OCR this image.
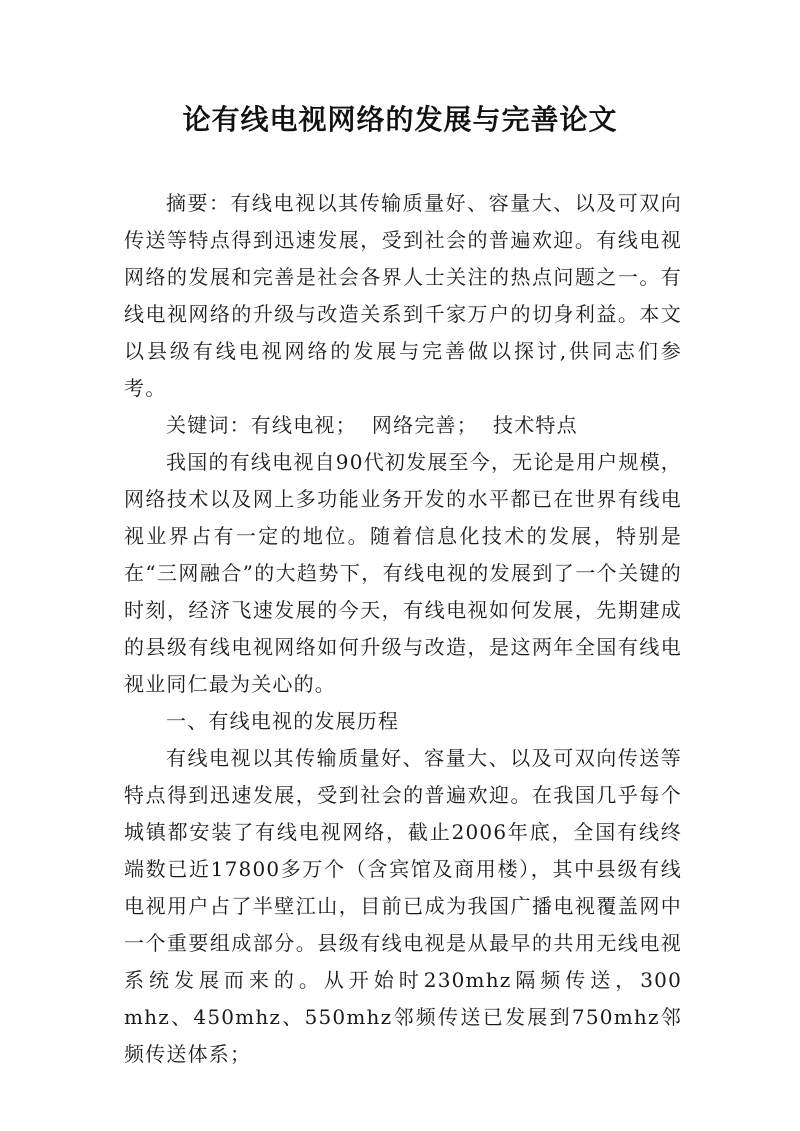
论有线电视网络的发展与完善论文

摘要：有线电视以其传输质量好、容量大、以及可双向传送等特点得到迅速发展，受到社会的普遍欢迎。有线电视网络的发展和完善是社会各界人士关注的热点问题之一。有线电视网络的升级与改造关系到千家万户的切身利益。本文以县级有线电视网络的发展与完善做以探讨,供同志们参考。

关键词：有线电视；  网络完善；  技术特点

我国的有线电视自90代初发展至今，无论是用户规模，网络技术以及网上多功能业务开发的水平都已在世界有线电视业界占有一定的地位。随着信息化技术的发展，特别是在“三网融合”的大趋势下，有线电视的发展到了一个关键的时刻，经济飞速发展的今天，有线电视如何发展，先期建成的县级有线电视网络如何升级与改造，是这两年全国有线电视业同仁最为关心的。

一、有线电视的发展历程

有线电视以其传输质量好、容量大、以及可双向传送等特点得到迅速发展，受到社会的普遍欢迎。在我国几乎每个城镇都安装了有线电视网络，截止2006年底，全国有线终端数已近17800多万个（含宾馆及商用楼），其中县级有线电视用户占了半壁江山，目前已成为我国广播电视覆盖网中一个重要组成部分。县级有线电视是从最早的共用无线电视系统发展而来的。从开始时230mhz隔频传送，300 mhz、450mhz、550mhz邻频传送已发展到750mhz邻频传送体系；
